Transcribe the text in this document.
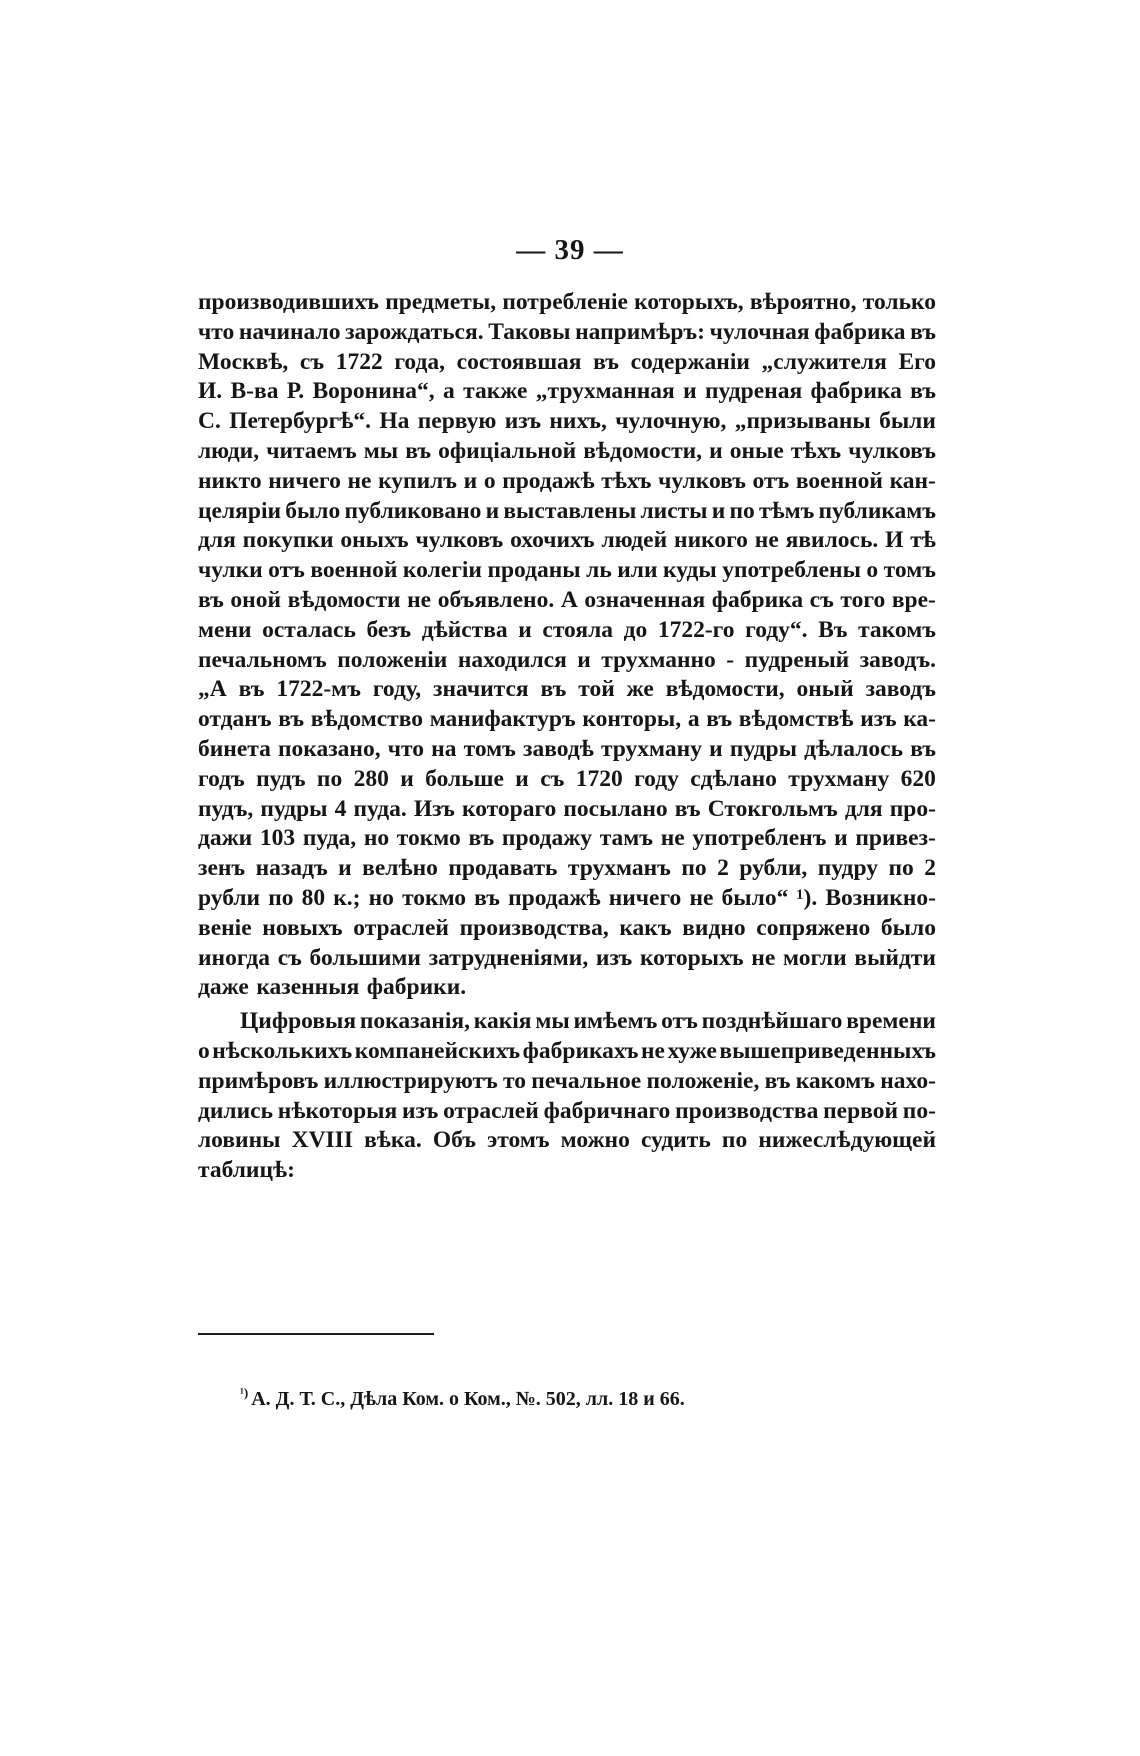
— 39 —
производившихъ предметы, потребленіе которыхъ, вѣроятно, только
что начинало зарождаться. Таковы напримѣръ: чулочная фабрика въ
Москвѣ, съ 1722 года, состоявшая въ содержаніи „служителя Его
И. В-ва Р. Воронина“, а также „трухманная и пудреная фабрика въ
С. Петербургѣ“. На первую изъ нихъ, чулочную, „призываны были
люди, читаемъ мы въ офиціальной вѣдомости, и оные тѣхъ чулковъ
никто ничего не купилъ и о продажѣ тѣхъ чулковъ отъ военной кан-
целяріи было публиковано и выставлены листы и по тѣмъ публикамъ
для покупки оныхъ чулковъ охочихъ людей никого не явилось. И тѣ
чулки отъ военной колегіи проданы ль или куды употреблены о томъ
въ оной вѣдомости не объявлено. А означенная фабрика съ того вре-
мени осталась безъ дѣйства и стояла до 1722-го году“. Въ такомъ
печальномъ положеніи находился и трухманно - пудреный заводъ.
„А въ 1722-мъ году, значится въ той же вѣдомости, оный заводъ
отданъ въ вѣдомство манифактуръ конторы, а въ вѣдомствѣ изъ ка-
бинета показано, что на томъ заводѣ трухману и пудры дѣлалось въ
годъ пудъ по 280 и больше и съ 1720 году сдѣлано трухману 620
пудъ, пудры 4 пуда. Изъ котораго посылано въ Стокгольмъ для про-
дажи 103 пуда, но токмо въ продажу тамъ не употребленъ и привез-
зенъ назадъ и велѣно продавать трухманъ по 2 рубли, пудру по 2
рубли по 80 к.; но токмо въ продажѣ ничего не было“ ¹). Возникно-
веніе новыхъ отраслей производства, какъ видно сопряжено было
иногда съ большими затрудненіями, изъ которыхъ не могли выйдти
даже казенныя фабрики.
Цифровыя показанія, какія мы имѣемъ отъ позднѣйшаго времени
о нѣсколькихъ компанейскихъ фабрикахъ не хуже вышеприведенныхъ
примѣровъ иллюстрируютъ то печальное положеніе, въ какомъ нахо-
дились нѣкоторыя изъ отраслей фабричнаго производства первой по-
ловины XVIII вѣка. Объ этомъ можно судить по нижеслѣдующей
таблицѣ:
$^{^1)}$ А. Д. Т. С., Дѣла Ком. о Ком., №. 502, лл. 18 и 66.
